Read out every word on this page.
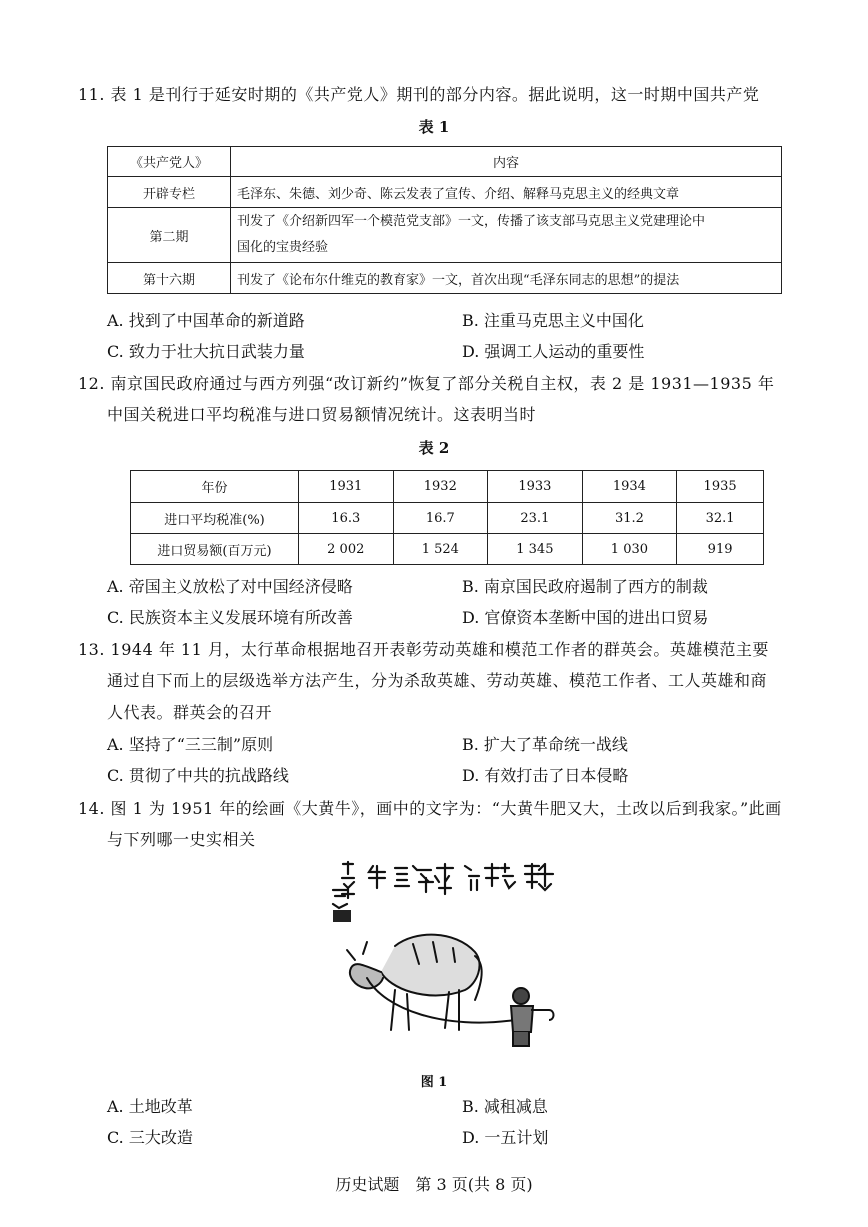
11. 表 1 是刊行于延安时期的《共产党人》期刊的部分内容。据此说明，这一时期中国共产党
表 1
《共产党人》	内容
开辟专栏	毛泽东、朱德、刘少奇、陈云发表了宣传、介绍、解释马克思主义的经典文章
第二期	刊发了《介绍新四军一个模范党支部》一文，传播了该支部马克思主义党建理论中
国化的宝贵经验

第十六期	刊发了《论布尔什维克的教育家》一文，首次出现“毛泽东同志的思想”的提法
A. 找到了中国革命的新道路	B. 注重马克思主义中国化
C. 致力于壮大抗日武装力量	D. 强调工人运动的重要性
12. 南京国民政府通过与西方列强“改订新约”恢复了部分关税自主权，表 2 是 1931—1935 年
中国关税进口平均税准与进口贸易额情况统计。这表明当时
表 2
年份	1931	1932	1933	1934	1935
进口平均税准(%)	16.3	16.7	23.1	31.2	32.1
进口贸易额(百万元)	2 002	1 524	1 345	1 030	919
A. 帝国主义放松了对中国经济侵略	B. 南京国民政府遏制了西方的制裁
C. 民族资本主义发展环境有所改善	D. 官僚资本垄断中国的进出口贸易
13. 1944 年 11 月，太行革命根据地召开表彰劳动英雄和模范工作者的群英会。英雄模范主要
通过自下而上的层级选举方法产生，分为杀敌英雄、劳动英雄、模范工作者、工人英雄和商
人代表。群英会的召开
A. 坚持了“三三制”原则	B. 扩大了革命统一战线
C. 贯彻了中共的抗战路线	D. 有效打击了日本侵略
14. 图 1 为 1951 年的绘画《大黄牛》，画中的文字为：“大黄牛肥又大，土改以后到我家。”此画
与下列哪一史实相关
图 1
A. 土地改革	B. 减租减息
C. 三大改造	D. 一五计划
历史试题　第 3 页(共 8 页)
